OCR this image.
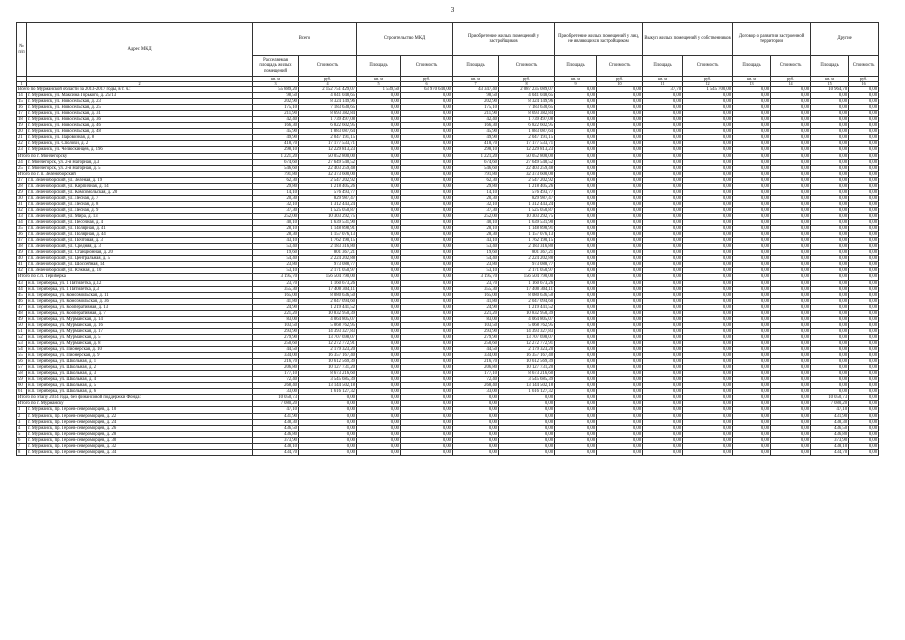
3
№ п/п	Адрес МКД	Всего		Строительство МКД		Приобретение жилых помещений у застройщиков		Приобретение жилых помещений у лиц, не являющихся застройщиком		Выкуп жилых помещений у собственников		Договор о развитии застроенной территории		Другие	
		Расселяемая площадь жилых помещений	Стоимость	Площадь	Стоимость	Площадь	Стоимость	Площадь	Стоимость	Площадь	Стоимость	Площадь	Стоимость	Площадь	Стоимость
		кв. м	руб.	кв. м	руб.	кв. м	руб.	кв. м	руб.	кв. м	руб.	кв. м	руб.	кв. м	руб.
1	2	3	4	5	6	7	8	9	10	11	12	13	14	15	16
Всего по Мурманской области за 2013-2017 годы, в т. ч.:		55 889,20	2 152 751 429,07	1 539,50	63 970 640,00	43 347,40	2 087 235 089,07	0,00	0,00	37,70	1 545 700,00	0,00	0,00	10 964,70	0,00
14	г. Мурманск, ул. Максима Горького, д. 25/13	98,50	4 041 048,65	0,00	0,00	98,50	4 041 048,65	0,00	0,00	0,00	0,00	0,00	0,00	0,00	0,00
15	г. Мурманск, ул. Новосельская, д. 23	202,90	8 324 149,96	0,00	0,00	202,90	8 324 149,96	0,00	0,00	0,00	0,00	0,00	0,00	0,00	0,00
16	г. Мурманск, ул. Новосельская, д. 25	175,10	7 183 630,65	0,00	0,00	175,10	7 183 630,65	0,00	0,00	0,00	0,00	0,00	0,00	0,00	0,00
17	г. Мурманск, ул. Новосельская, д. 31	211,90	8 693 382,84	0,00	0,00	211,90	8 693 382,84	0,00	0,00	0,00	0,00	0,00	0,00	0,00	0,00
18	г. Мурманск, ул. Новосельская, д. 36	42,40	1 739 497,08	0,00	0,00	42,40	1 739 497,08	0,00	0,00	0,00	0,00	0,00	0,00	0,00	0,00
19	г. Мурманск, ул. Новосельская, д. 46	166,30	6 822 602,95	0,00	0,00	166,30	6 822 602,95	0,00	0,00	0,00	0,00	0,00	0,00	0,00	0,00
20	г. Мурманск, ул. Новосельская, д. 48	45,90	1 883 087,64	0,00	0,00	45,90	1 883 087,64	0,00	0,00	0,00	0,00	0,00	0,00	0,00	0,00
21	г. Мурманск, ул. Паровозная, д. 8	49,90	2 047 191,15	0,00	0,00	49,90	2 047 191,15	0,00	0,00	0,00	0,00	0,00	0,00	0,00	0,00
22	г. Мурманск, ул. Сполохи, д. 2	418,70	17 177 533,71	0,00	0,00	418,70	17 177 533,71	0,00	0,00	0,00	0,00	0,00	0,00	0,00	0,00
23	г. Мурманск, ул. Челюскинцев, д. 19б	298,10	12 229 813,23	0,00	0,00	298,10	12 229 813,23	0,00	0,00	0,00	0,00	0,00	0,00	0,00	0,00
Итого по г. Мончегорску		1 221,20	50 052 800,00	0,00	0,00	1 221,20	50 052 800,00	0,00	0,00	0,00	0,00	0,00	0,00	0,00	0,00
24	г. Мончегорск, ул. 2-я Нагорная, д.3	674,60	27 649 540,52	0,00	0,00	674,60	27 649 540,52	0,00	0,00	0,00	0,00	0,00	0,00	0,00	0,00
25	г. Мончегорск, ул. 2-я Нагорная, д. 5	546,60	22 403 259,48	0,00	0,00	546,60	22 403 259,48	0,00	0,00	0,00	0,00	0,00	0,00	0,00	0,00
Итого по г. п. Зеленоборский		791,80	32 373 600,00	0,00	0,00	791,80	32 373 600,00	0,00	0,00	0,00	0,00	0,00	0,00	0,00	0,00
27	г.п. Зеленоборский, ул. Зеленая, д. 19	62,30	2 547 202,92	0,00	0,00	62,30	2 547 202,92	0,00	0,00	0,00	0,00	0,00	0,00	0,00	0,00
28	г.п. Зеленоборский, ул. Кирпичная, д. 14	29,80	1 218 405,26	0,00	0,00	29,80	1 218 405,26	0,00	0,00	0,00	0,00	0,00	0,00	0,00	0,00
29	г.п. Зеленоборский, ул. Комсомольская, д. 20	14,10	576 493,77	0,00	0,00	14,10	576 493,77	0,00	0,00	0,00	0,00	0,00	0,00	0,00	0,00
30	г.п. Зеленоборский, ул. Лесная, д. 7	20,30	829 987,47	0,00	0,00	20,30	829 987,47	0,00	0,00	0,00	0,00	0,00	0,00	0,00	0,00
31	г.п. Зеленоборский, ул. Лесная, д. 8	32,10	1 312 443,24	0,00	0,00	32,10	1 312 443,24	0,00	0,00	0,00	0,00	0,00	0,00	0,00	0,00
32	г.п. Зеленоборский, ул. Лесная, д. 9	37,30	1 525 050,87	0,00	0,00	37,30	1 525 050,87	0,00	0,00	0,00	0,00	0,00	0,00	0,00	0,00
33	г.п. Зеленоборский, ул. Мира, д. 13	252,00	10 303 292,75	0,00	0,00	252,00	10 303 292,75	0,00	0,00	0,00	0,00	0,00	0,00	0,00	0,00
34	г.п. Зеленоборский, ул. Песочная, д. 4	40,10	1 639 531,90	0,00	0,00	40,10	1 639 531,90	0,00	0,00	0,00	0,00	0,00	0,00	0,00	0,00
35	г.п. Зеленоборский, ул. Полярная, д. 41	28,10	1 148 898,91	0,00	0,00	28,10	1 148 898,91	0,00	0,00	0,00	0,00	0,00	0,00	0,00	0,00
36	г.п. Зеленоборский, ул. Полярная, д. 44	28,30	1 157 076,13	0,00	0,00	28,30	1 157 076,13	0,00	0,00	0,00	0,00	0,00	0,00	0,00	0,00
37	г.п. Зеленоборский, ул. Почтовая, д. 3	43,10	1 762 190,15	0,00	0,00	43,10	1 762 190,15	0,00	0,00	0,00	0,00	0,00	0,00	0,00	0,00
38	г.п. Зеленоборский, ул. Средняя, д. 3	53,40	2 183 316,80	0,00	0,00	53,40	2 183 316,80	0,00	0,00	0,00	0,00	0,00	0,00	0,00	0,00
39	г.п. Зеленоборский, ул. Станционная, д. 20	19,60	801 367,21	0,00	0,00	19,60	801 367,21	0,00	0,00	0,00	0,00	0,00	0,00	0,00	0,00
40	г.п. Зеленоборский, ул. Центральная, д. 5	54,40	2 224 202,88	0,00	0,00	54,40	2 224 202,88	0,00	0,00	0,00	0,00	0,00	0,00	0,00	0,00
41	г.п. Зеленоборский, ул. Шоссейная, 14	23,80	973 088,77	0,00	0,00	23,80	973 088,77	0,00	0,00	0,00	0,00	0,00	0,00	0,00	0,00
42	г.п. Зеленоборский, ул. Южная, д. 10	53,10	2 171 050,97	0,00	0,00	53,10	2 171 050,97	0,00	0,00	0,00	0,00	0,00	0,00	0,00	0,00
Итого по с.п. Териберка		3 195,70	156 504 790,00	0,00	0,00	3 195,70	156 504 790,00	0,00	0,00	0,00	0,00	0,00	0,00	0,00	0,00
43	н.п. Териберка, ул. 1 Пятилетка, д.12	23,70	1 160 673,26	0,00	0,00	23,70	1 160 673,26	0,00	0,00	0,00	0,00	0,00	0,00	0,00	0,00
44	н.п. Териберка, ул. 1 Пятилетка, д.3	355,30	17 400 304,11	0,00	0,00	355,30	17 400 304,11	0,00	0,00	0,00	0,00	0,00	0,00	0,00	0,00
45	н.п. Териберка, ул. Комсомольская, д. 11	165,00	8 080 636,50	0,00	0,00	165,00	8 080 636,50	0,00	0,00	0,00	0,00	0,00	0,00	0,00	0,00
46	н.п. Териберка, ул. Комсомольская, д. 36	41,80	2 047 094,60	0,00	0,00	41,80	2 047 094,60	0,00	0,00	0,00	0,00	0,00	0,00	0,00	0,00
47	н.п. Териберка, ул. Кооперативная, д. 13	24,90	1 219 441,52	0,00	0,00	24,90	1 219 441,52	0,00	0,00	0,00	0,00	0,00	0,00	0,00	0,00
48	н.п. Териберка, ул. Кооперативная, д. 7	221,20	10 832 950,39	0,00	0,00	221,20	10 832 950,39	0,00	0,00	0,00	0,00	0,00	0,00	0,00	0,00
49	н.п. Териберка, ул. Мурманская, д. 14	83,00	4 064 805,07	0,00	0,00	83,00	4 064 805,07	0,00	0,00	0,00	0,00	0,00	0,00	0,00	0,00
50	н.п. Териберка, ул. Мурманская, д. 16	103,50	5 068 762,95	0,00	0,00	103,50	5 068 762,95	0,00	0,00	0,00	0,00	0,00	0,00	0,00	0,00
51	н.п. Териберка, ул. Мурманская, д. 17	293,90	14 393 327,83	0,00	0,00	293,90	14 393 327,83	0,00	0,00	0,00	0,00	0,00	0,00	0,00	0,00
52	н.п. Териберка, ул. Мурманская, д. 5	279,90	13 707 698,07	0,00	0,00	279,90	13 707 698,07	0,00	0,00	0,00	0,00	0,00	0,00	0,00	0,00
53	н.п. Териберка, ул. Мурманская, д. 8	250,60	12 272 772,91	0,00	0,00	250,60	12 272 772,91	0,00	0,00	0,00	0,00	0,00	0,00	0,00	0,00
54	н.п. Териберка, ул. Пионерская, д. 10	44,50	2 179 323,20	0,00	0,00	44,50	2 179 323,20	0,00	0,00	0,00	0,00	0,00	0,00	0,00	0,00
55	н.п. Териберка, ул. Пионерская, д. 9	334,00	16 357 167,40	0,00	0,00	334,00	16 357 167,40	0,00	0,00	0,00	0,00	0,00	0,00	0,00	0,00
56	н.п. Териберка, ул. Школьная, д. 1	216,70	10 612 569,39	0,00	0,00	216,70	10 612 569,39	0,00	0,00	0,00	0,00	0,00	0,00	0,00	0,00
57	н.п. Териберка, ул. Школьная, д. 2	206,80	10 127 731,20	0,00	0,00	206,80	10 127 731,20	0,00	0,00	0,00	0,00	0,00	0,00	0,00	0,00
58	н.п. Териберка, ул. Школьная, д. 3	177,10	8 673 216,60	0,00	0,00	177,10	8 673 216,60	0,00	0,00	0,00	0,00	0,00	0,00	0,00	0,00
59	н.п. Териберка, ул. Школьная, д. 4	72,40	3 545 685,39	0,00	0,00	72,40	3 545 685,39	0,00	0,00	0,00	0,00	0,00	0,00	0,00	0,00
60	н.п. Териберка, ул. Школьная, д. 5	268,40	13 144 502,18	0,00	0,00	268,40	13 144 502,18	0,00	0,00	0,00	0,00	0,00	0,00	0,00	0,00
61	н.п. Териберка, ул. Школьная, д. 6	33,00	1 616 127,32	0,00	0,00	33,00	1 616 127,32	0,00	0,00	0,00	0,00	0,00	0,00	0,00	0,00
Итого по этапу 2014 года, без финансовой поддержки Фонда:		10 050,73	0,00	0,00	0,00	0,00	0,00	0,00	0,00	0,00	0,00	0,00	0,00	10 050,73	0,00
Итого по г. Мурманску		7 080,20	0,00	0,00	0,00	0,00	0,00	0,00	0,00	0,00	0,00	0,00	0,00	7 080,20	0,00
1	г. Мурманск, пр. Героев-североморцев, д. 10	47,10	0,00	0,00	0,00	0,00	0,00	0,00	0,00	0,00	0,00	0,00	0,00	47,10	0,00
2	г. Мурманск, пр. Героев-североморцев, д. 22	431,90	0,00	0,00	0,00	0,00	0,00	0,00	0,00	0,00	0,00	0,00	0,00	431,90	0,00
3	г. Мурманск, пр. Героев-североморцев, д. 24	438,30	0,00	0,00	0,00	0,00	0,00	0,00	0,00	0,00	0,00	0,00	0,00	438,30	0,00
4	г. Мурманск, пр. Героев-североморцев, д. 26	436,50	0,00	0,00	0,00	0,00	0,00	0,00	0,00	0,00	0,00	0,00	0,00	436,50	0,00
5	г. Мурманск, пр. Героев-североморцев, д. 28	436,80	0,00	0,00	0,00	0,00	0,00	0,00	0,00	0,00	0,00	0,00	0,00	436,80	0,00
6	г. Мурманск, пр. Героев-североморцев, д. 30	373,90	0,00	0,00	0,00	0,00	0,00	0,00	0,00	0,00	0,00	0,00	0,00	373,90	0,00
7	г. Мурманск, пр. Героев-североморцев, д. 32	438,10	0,00	0,00	0,00	0,00	0,00	0,00	0,00	0,00	0,00	0,00	0,00	438,10	0,00
8	г. Мурманск, пр. Героев-североморцев, д. 34	434,70	0,00	0,00	0,00	0,00	0,00	0,00	0,00	0,00	0,00	0,00	0,00	434,70	0,00
